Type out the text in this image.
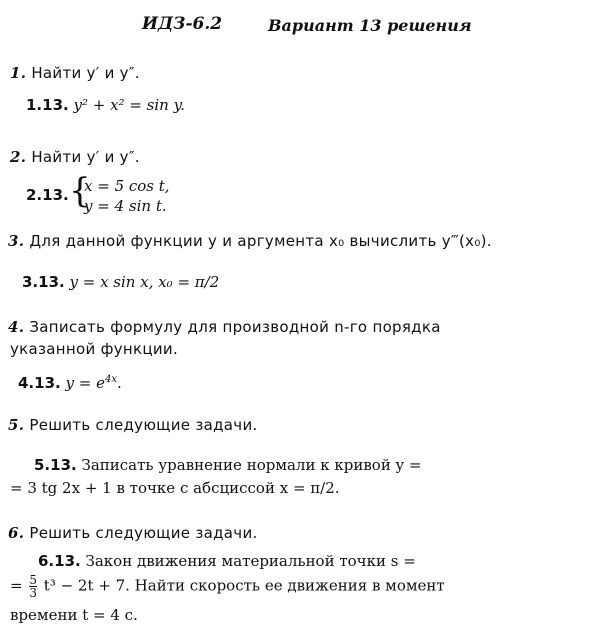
ИДЗ-6.2	Вариант 13 решения
1. Найти y′ и y″.
1.13. y² + x² = sin y.
2. Найти y′ и y″.
2.13. {
x = 5 cos t,
y = 4 sin t.
3. Для данной функции y и аргумента x₀ вычислить y‴(x₀).
3.13. y = x sin x, x₀ = π/2
4. Записать формулу для производной n-го порядка
указанной функции.
4.13. $y = e^{4x}$.
5. Решить следующие задачи.
5.13. Записать уравнение нормали к кривой y =
= 3 tg 2x + 1 в точке с абсциссой x = π/2.
6. Решить следующие задачи.
6.13. Закон движения материальной точки s =
= $\frac{5}{3} t^3 - 2t + 7$. Найти скорость ее движения в момент
времени t = 4 с.
